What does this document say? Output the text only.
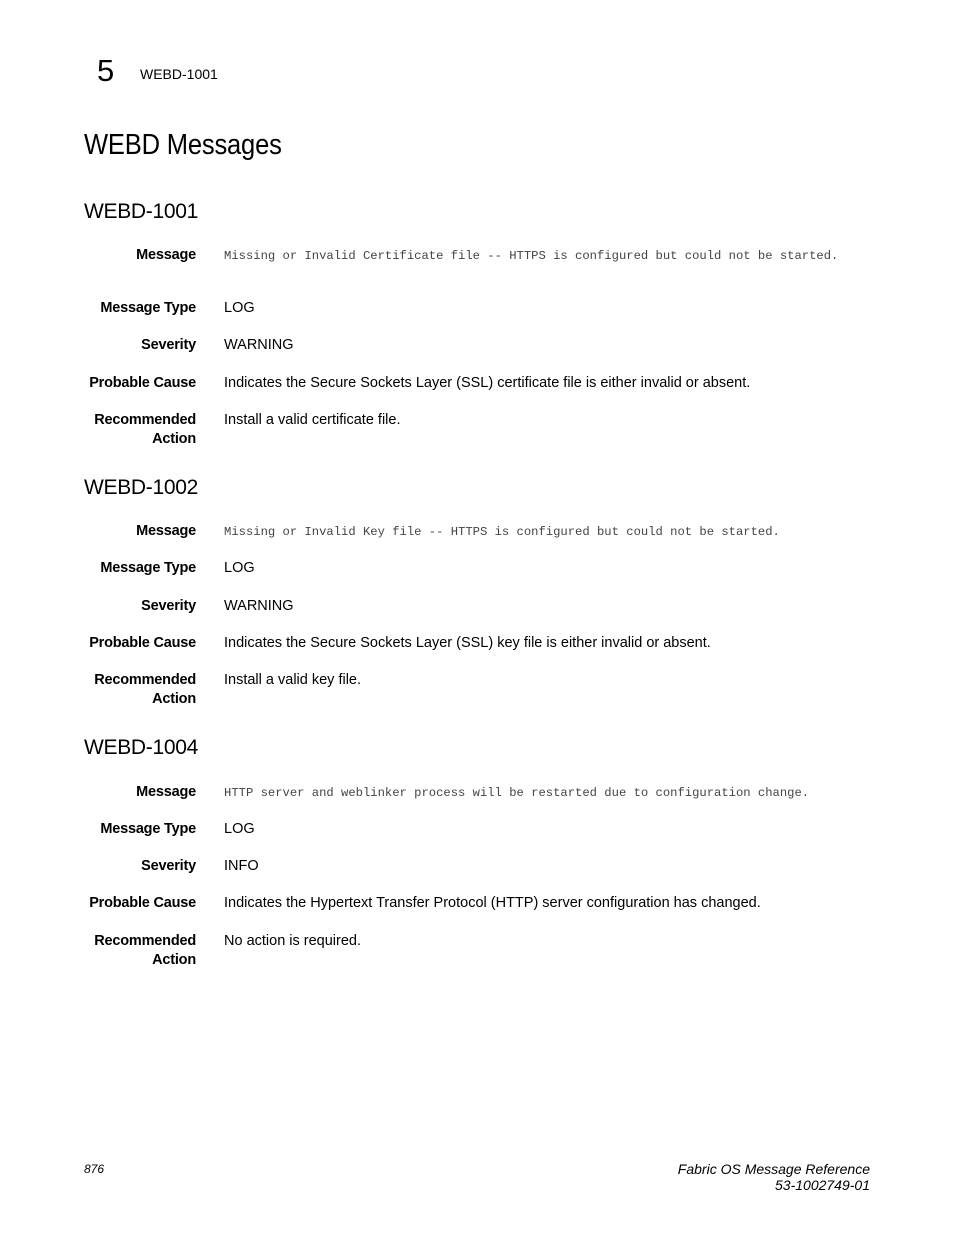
5 WEBD-1001
WEBD Messages
WEBD-1001
Message Missing or Invalid Certificate file -- HTTPS is configured but could not be started.
Message Type LOG
Severity WARNING
Probable Cause Indicates the Secure Sockets Layer (SSL) certificate file is either invalid or absent.
Recommended Action
Install a valid certificate file.
WEBD-1002
Message Missing or Invalid Key file -- HTTPS is configured but could not be started.
Message Type LOG
Severity WARNING
Probable Cause Indicates the Secure Sockets Layer (SSL) key file is either invalid or absent.
Recommended Action
Install a valid key file.
WEBD-1004
Message HTTP server and weblinker process will be restarted due to configuration change.
Message Type LOG
Severity INFO
Probable Cause Indicates the Hypertext Transfer Protocol (HTTP) server configuration has changed.
Recommended Action
No action is required.
876	Fabric OS Message Reference
53-1002749-01
